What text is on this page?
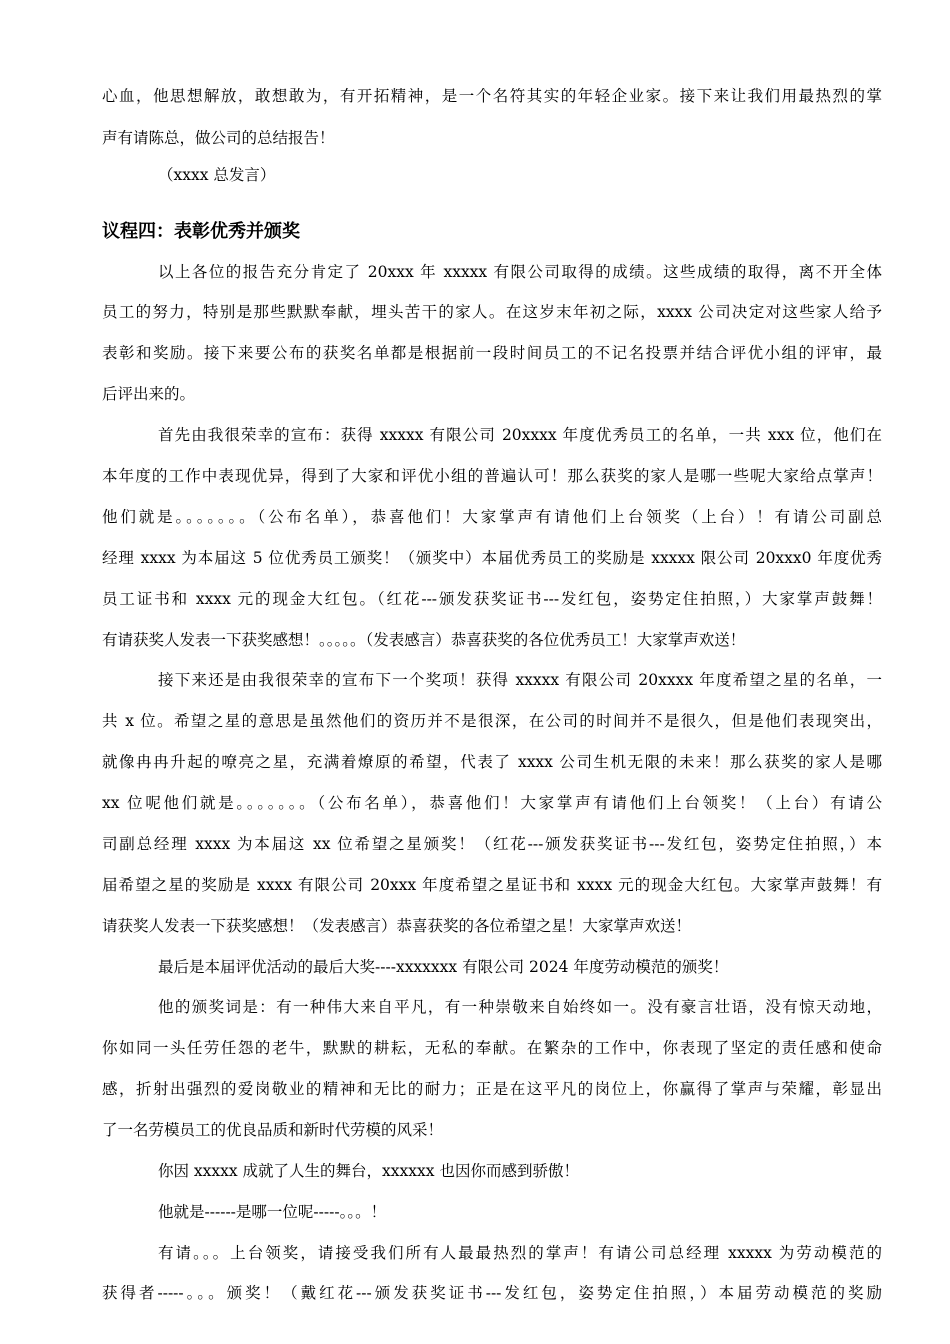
心血，他思想解放，敢想敢为，有开拓精神，是一个名符其实的年轻企业家。接下来让我们用最热烈的掌
声有请陈总，做公司的总结报告！
（xxxx 总发言）
议程四：表彰优秀并颁奖
以上各位的报告充分肯定了 20xxx 年 xxxxx 有限公司取得的成绩。这些成绩的取得，离不开全体
员工的努力，特别是那些默默奉献，埋头苦干的家人。在这岁末年初之际，xxxx 公司决定对这些家人给予
表彰和奖励。接下来要公布的获奖名单都是根据前一段时间员工的不记名投票并结合评优小组的评审，最
后评出来的。
首先由我很荣幸的宣布：获得 xxxxx 有限公司 20xxxx 年度优秀员工的名单，一共 xxx 位，他们在
本年度的工作中表现优异，得到了大家和评优小组的普遍认可！那么获奖的家人是哪一些呢大家给点掌声！
他们就是。。。。。。。（公布名单），恭喜他们！大家掌声有请他们上台领奖（上台）！有请公司副总
经理 xxxx 为本届这 5 位优秀员工颁奖！（颁奖中）本届优秀员工的奖励是 xxxxx 限公司 20xxx0 年度优秀
员工证书和 xxxx 元的现金大红包。（红花---颁发获奖证书---发红包，姿势定住拍照，）大家掌声鼓舞！
有请获奖人发表一下获奖感想！。。。。。（发表感言）恭喜获奖的各位优秀员工！大家掌声欢送！
接下来还是由我很荣幸的宣布下一个奖项！获得 xxxxx 有限公司 20xxxx 年度希望之星的名单，一
共 x 位。希望之星的意思是虽然他们的资历并不是很深，在公司的时间并不是很久，但是他们表现突出，
就像冉冉升起的嘹亮之星，充满着燎原的希望，代表了 xxxx 公司生机无限的未来！那么获奖的家人是哪
xx 位呢他们就是。。。。。。。（公布名单），恭喜他们！大家掌声有请他们上台领奖！（上台）有请公
司副总经理 xxxx 为本届这 xx 位希望之星颁奖！（红花---颁发获奖证书---发红包，姿势定住拍照，）本
届希望之星的奖励是 xxxx 有限公司 20xxx 年度希望之星证书和 xxxx 元的现金大红包。大家掌声鼓舞！有
请获奖人发表一下获奖感想！（发表感言）恭喜获奖的各位希望之星！大家掌声欢送！
最后是本届评优活动的最后大奖----xxxxxxx 有限公司 2024 年度劳动模范的颁奖！
他的颁奖词是：有一种伟大来自平凡，有一种崇敬来自始终如一。没有豪言壮语，没有惊天动地，
你如同一头任劳任怨的老牛，默默的耕耘，无私的奉献。在繁杂的工作中，你表现了坚定的责任感和使命
感，折射出强烈的爱岗敬业的精神和无比的耐力；正是在这平凡的岗位上，你赢得了掌声与荣耀，彰显出
了一名劳模员工的优良品质和新时代劳模的风采！
你因 xxxxx 成就了人生的舞台，xxxxxx 也因你而感到骄傲！
他就是------是哪一位呢-----。。。！
有请。。。上台领奖，请接受我们所有人最最热烈的掌声！有请公司总经理 xxxxx 为劳动模范的
获得者-----。。。颁奖！（戴红花---颁发获奖证书---发红包，姿势定住拍照，）本届劳动模范的奖励
